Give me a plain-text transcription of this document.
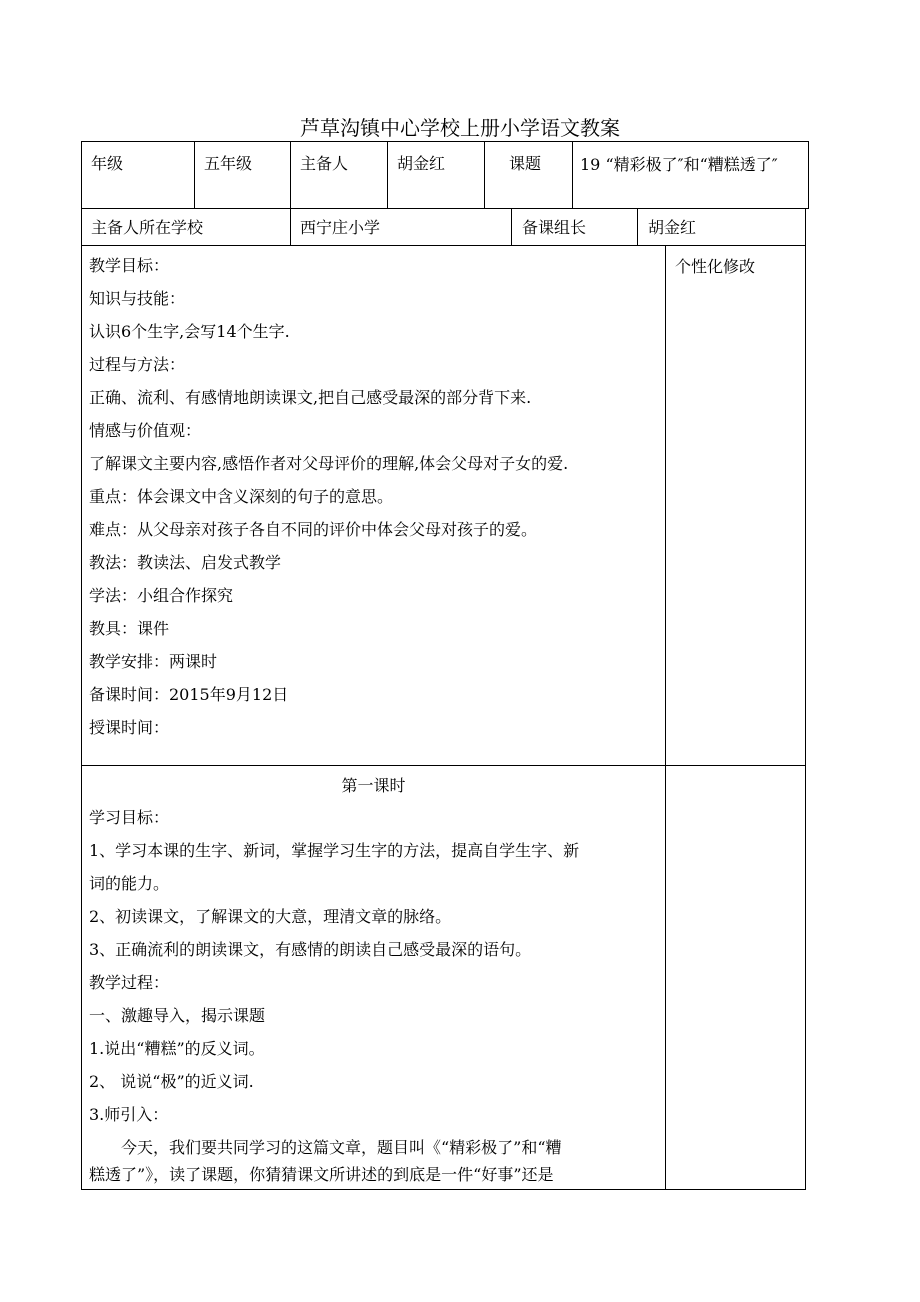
芦草沟镇中心学校上册小学语文教案
年级	五年级	主备人	胡金红	课题 19 “精彩极了″和“糟糕透了″
主备人所在学校	西宁庄小学	备课组长	胡金红
个性化修改
教学目标：
知识与技能：
认识6个生字,会写14个生字.
过程与方法：
正确、流利、有感情地朗读课文,把自己感受最深的部分背下来.
情感与价值观：
了解课文主要内容,感悟作者对父母评价的理解,体会父母对子女的爱.
重点：体会课文中含义深刻的句子的意思。
难点：从父母亲对孩子各自不同的评价中体会父母对孩子的爱。
教法：教读法、启发式教学
学法：小组合作探究
教具：课件
教学安排：两课时
备课时间：2015年9月12日
授课时间：
第一课时
学习目标：
1、学习本课的生字、新词，掌握学习生字的方法，提高自学生字、新
词的能力。
2、初读课文，了解课文的大意，理清文章的脉络。
3、正确流利的朗读课文，有感情的朗读自己感受最深的语句。
教学过程：
一、激趣导入，揭示课题
1.说出“糟糕”的反义词。
2、 说说“极”的近义词.
3.师引入：
　　今天，我们要共同学习的这篇文章，题目叫《“精彩极了”和“糟
糕透了”》，读了课题，你猜猜课文所讲述的到底是一件“好事”还是
